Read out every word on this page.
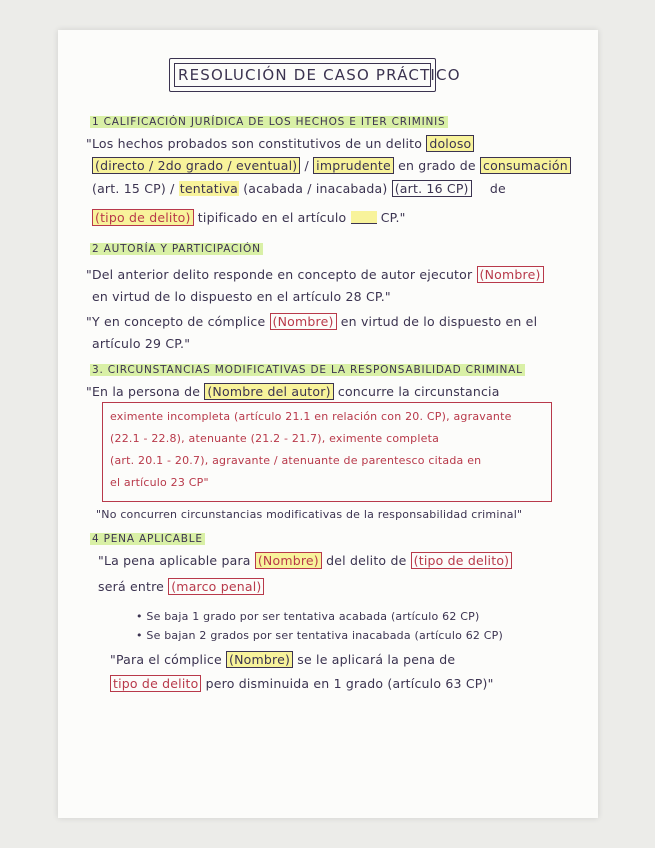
RESOLUCIÓN DE CASO PRÁCTICO
1 CALIFICACIÓN JURÍDICA DE LOS HECHOS E ITER CRIMINIS
"Los hechos probados son constitutivos de un delito doloso
(directo / 2do grado / eventual) / imprudente en grado de consumación
(art. 15 CP) / tentativa (acabada / inacabada) (art. 16 CP) de
(tipo de delito) tipificado en el artículo	CP."
2 AUTORÍA Y PARTICIPACIÓN
"Del anterior delito responde en concepto de autor ejecutor (Nombre)
en virtud de lo dispuesto en el artículo 28 CP."
"Y en concepto de cómplice (Nombre) en virtud de lo dispuesto en el
artículo 29 CP."
3. CIRCUNSTANCIAS MODIFICATIVAS DE LA RESPONSABILIDAD CRIMINAL
"En la persona de (Nombre del autor) concurre la circunstancia
eximente incompleta (artículo 21.1 en relación con 20. CP), agravante
(22.1 - 22.8), atenuante (21.2 - 21.7), eximente completa
(art. 20.1 - 20.7), agravante / atenuante de parentesco citada en
el artículo 23 CP"
"No concurren circunstancias modificativas de la responsabilidad criminal"
4 PENA APLICABLE
"La pena aplicable para (Nombre) del delito de (tipo de delito)
será entre (marco penal)
• Se baja 1 grado por ser tentativa acabada (artículo 62 CP)
• Se bajan 2 grados por ser tentativa inacabada (artículo 62 CP)
"Para el cómplice (Nombre) se le aplicará la pena de
tipo de delito pero disminuida en 1 grado (artículo 63 CP)"
